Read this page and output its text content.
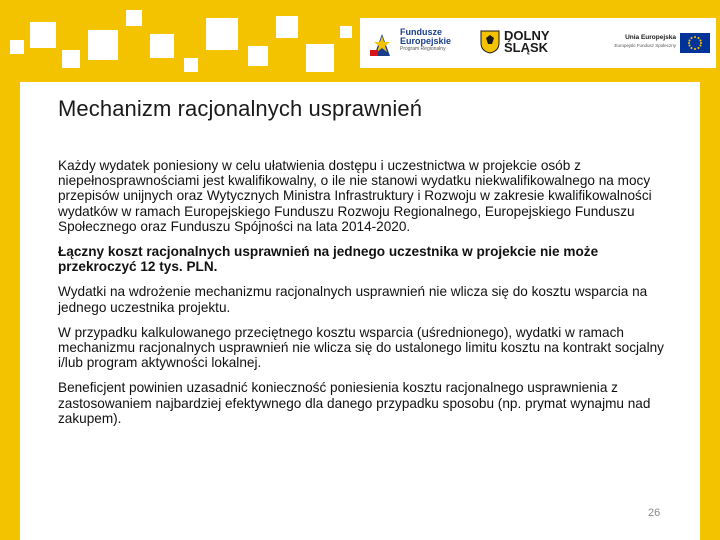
Fundusze
Europejskie
Program Regionalny
DOLNY
ŚLĄSK
Unia Europejska
Europejski Fundusz Społeczny
Mechanizm racjonalnych usprawnień

Każdy wydatek poniesiony w celu ułatwienia dostępu i uczestnictwa w projekcie osób z niepełnosprawnościami jest kwalifikowalny, o ile nie stanowi wydatku niekwalifikowalnego na mocy przepisów unijnych oraz Wytycznych Ministra Infrastruktury i Rozwoju w zakresie kwalifikowalności wydatków w ramach Europejskiego Funduszu Rozwoju Regionalnego, Europejskiego Funduszu Społecznego oraz Funduszu Spójności na lata 2014-2020.

Łączny koszt racjonalnych usprawnień na jednego uczestnika w projekcie nie może przekroczyć 12 tys. PLN.

Wydatki na wdrożenie mechanizmu racjonalnych usprawnień nie wlicza się do kosztu wsparcia na jednego uczestnika projektu.

W przypadku kalkulowanego przeciętnego kosztu wsparcia (uśrednionego), wydatki w ramach mechanizmu racjonalnych usprawnień nie wlicza się do ustalonego limitu kosztu na kontrakt socjalny i/lub program aktywności lokalnej.

Beneficjent powinien uzasadnić konieczność poniesienia kosztu racjonalnego usprawnienia z zastosowaniem najbardziej efektywnego dla danego przypadku sposobu (np. prymat wynajmu nad zakupem).

26
